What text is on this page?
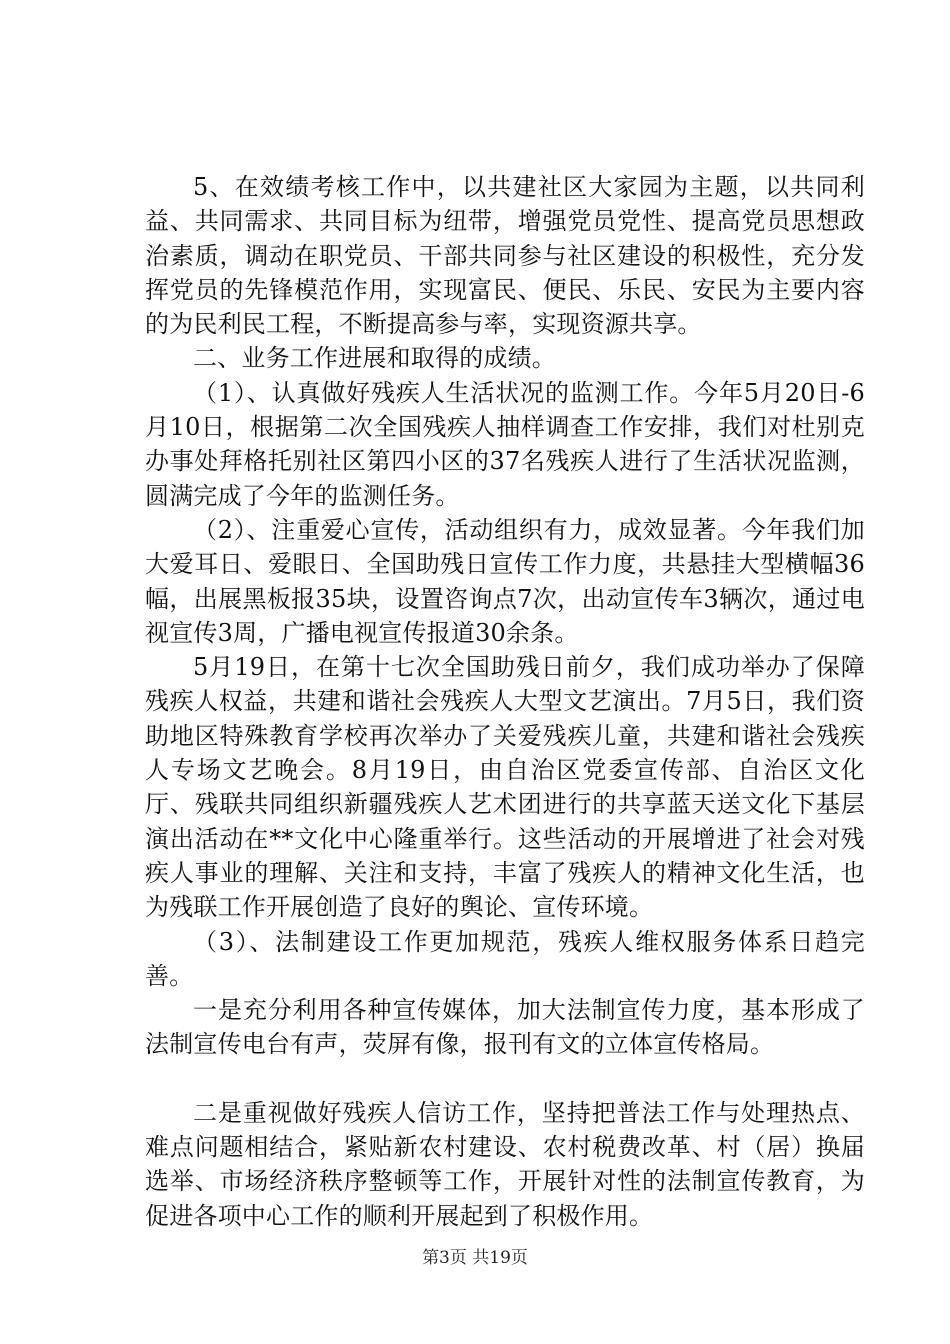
5、在效绩考核工作中，以共建社区大家园为主题，以共同利益、共同需求、共同目标为纽带，增强党员党性、提高党员思想政治素质，调动在职党员、干部共同参与社区建设的积极性，充分发挥党员的先锋模范作用，实现富民、便民、乐民、安民为主要内容的为民利民工程，不断提高参与率，实现资源共享。

二、业务工作进展和取得的成绩。

（1）、认真做好残疾人生活状况的监测工作。今年5月20日-6月10日，根据第二次全国残疾人抽样调查工作安排，我们对杜别克办事处拜格托别社区第四小区的37名残疾人进行了生活状况监测，圆满完成了今年的监测任务。

（2）、注重爱心宣传，活动组织有力，成效显著。今年我们加大爱耳日、爱眼日、全国助残日宣传工作力度，共悬挂大型横幅36幅，出展黑板报35块，设置咨询点7次，出动宣传车3辆次，通过电视宣传3周，广播电视宣传报道30余条。

5月19日，在第十七次全国助残日前夕，我们成功举办了保障残疾人权益，共建和谐社会残疾人大型文艺演出。7月5日，我们资助地区特殊教育学校再次举办了关爱残疾儿童，共建和谐社会残疾人专场文艺晚会。8月19日，由自治区党委宣传部、自治区文化厅、残联共同组织新疆残疾人艺术团进行的共享蓝天送文化下基层演出活动在**文化中心隆重举行。这些活动的开展增进了社会对残疾人事业的理解、关注和支持，丰富了残疾人的精神文化生活，也为残联工作开展创造了良好的舆论、宣传环境。

（3）、法制建设工作更加规范，残疾人维权服务体系日趋完善。

一是充分利用各种宣传媒体，加大法制宣传力度，基本形成了法制宣传电台有声，荧屏有像，报刊有文的立体宣传格局。

二是重视做好残疾人信访工作，坚持把普法工作与处理热点、难点问题相结合，紧贴新农村建设、农村税费改革、村（居）换届选举、市场经济秩序整顿等工作，开展针对性的法制宣传教育，为促进各项中心工作的顺利开展起到了积极作用。

第3页 共19页
